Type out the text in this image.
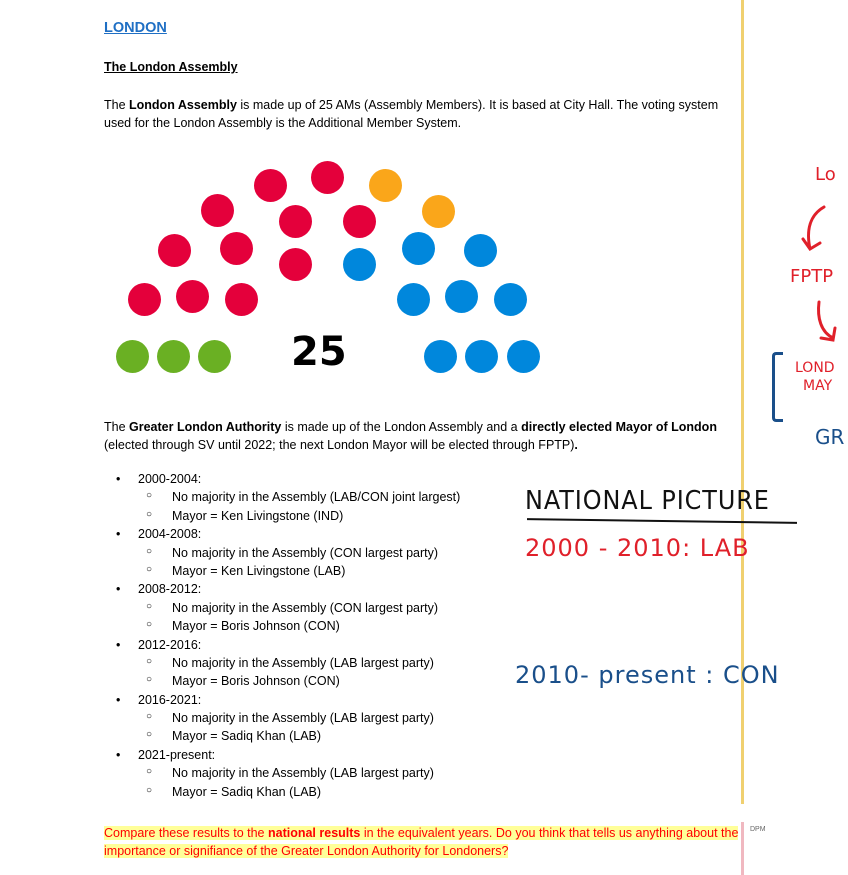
LONDON
The London Assembly
The London Assembly is made up of 25 AMs (Assembly Members). It is based at City Hall. The voting system used for the London Assembly is the Additional Member System.
25
The Greater London Authority is made up of the London Assembly and a directly elected Mayor of London (elected through SV until 2022; the next London Mayor will be elected through FPTP).
• 2000-2004:
○ No majority in the Assembly (LAB/CON joint largest)
○ Mayor = Ken Livingstone (IND)
• 2004-2008:
○ No majority in the Assembly (CON largest party)
○ Mayor = Ken Livingstone (LAB)
• 2008-2012:
○ No majority in the Assembly (CON largest party)
○ Mayor = Boris Johnson (CON)
• 2012-2016:
○ No majority in the Assembly (LAB largest party)
○ Mayor = Boris Johnson (CON)
• 2016-2021:
○ No majority in the Assembly (LAB largest party)
○ Mayor = Sadiq Khan (LAB)
• 2021-present:
○ No majority in the Assembly (LAB largest party)
○ Mayor = Sadiq Khan (LAB)
Compare these results to the national results in the equivalent years. Do you think that tells us anything about the importance or signifiance of the Greater London Authority for Londoners?
DPM
NATIONAL PICTURE
2000 - 2010: LAB
2010- present : CON
Lo
FPTP
LOND
MAY
GR
